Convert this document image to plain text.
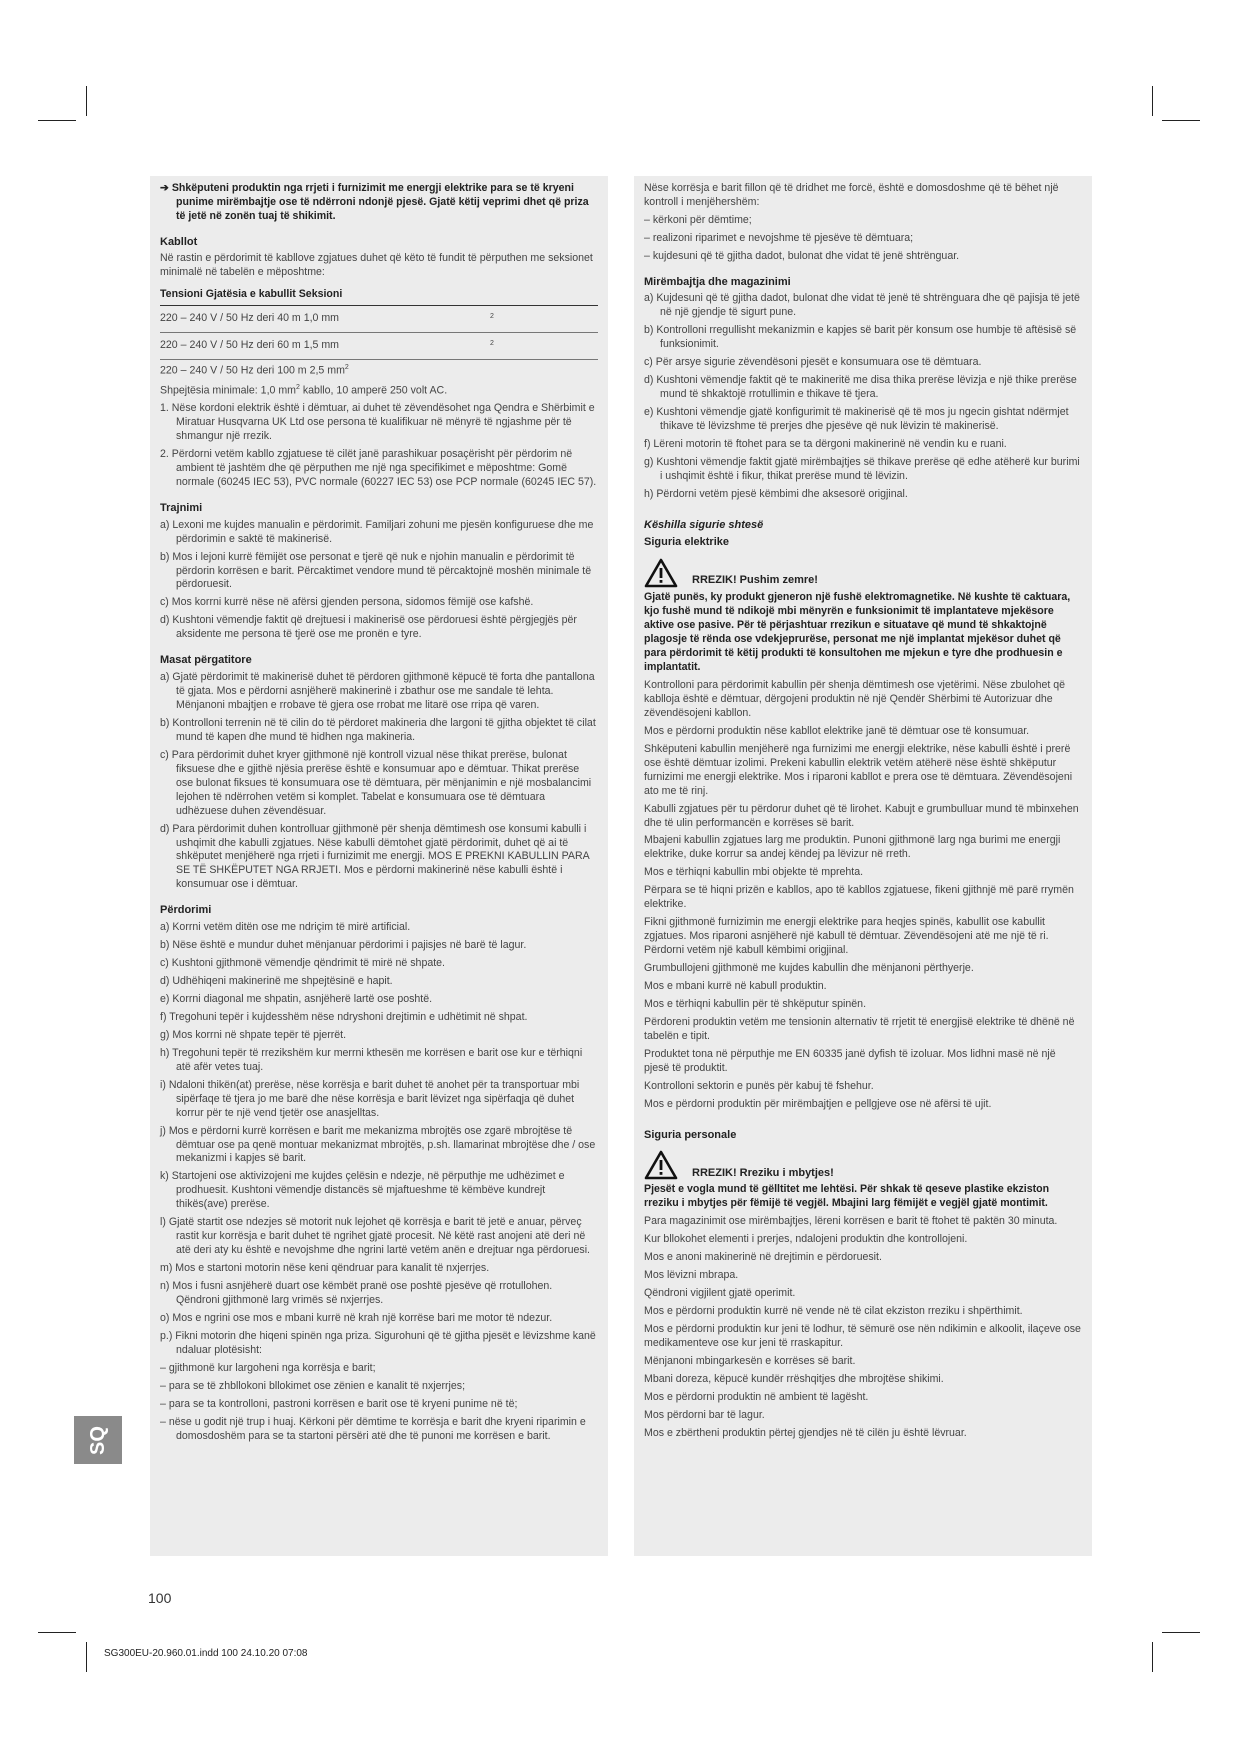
➔ Shkëputeni produktin nga rrjeti i furnizimit me energji elektrike para se të kryeni punime mirëmbajtje ose të ndërroni ndonjë pjesë. Gjatë këtij veprimi dhet që priza të jetë në zonën tuaj të shikimit.
Kabllot
Në rastin e përdorimit të kabllove zgjatues duhet që këto të fundit të përputhen me seksionet minimalë në tabelën e mëposhtme:
Tensioni Gjatësia e kabullit Seksioni
220 – 240 V / 50 Hz deri 40 m 1,0 mm	2
220 – 240 V / 50 Hz deri 60 m 1,5 mm	2
220 – 240 V / 50 Hz deri 100 m 2,5 $mm^2$
Shpejtësia minimale: 1,0 $mm^2$ kabllo, 10 amperë 250 volt AC.
1. Nëse kordoni elektrik është i dëmtuar, ai duhet të zëvendësohet nga Qendra e Shërbimit e Miratuar Husqvarna UK Ltd ose persona të kualifikuar në mënyrë të ngjashme për të shmangur një rrezik.
2. Përdorni vetëm kabllo zgjatuese të cilët janë parashikuar posaçërisht për përdorim në ambient të jashtëm dhe që përputhen me një nga specifikimet e mëposhtme: Gomë normale (60245 IEC 53), PVC normale (60227 IEC 53) ose PCP normale (60245 IEC 57).
Trajnimi
a) Lexoni me kujdes manualin e përdorimit. Familjari zohuni me pjesën konfiguruese dhe me përdorimin e saktë të makinerisë.
b) Mos i lejoni kurrë fëmijët ose personat e tjerë që nuk e njohin manualin e përdorimit të përdorin korrësen e barit. Përcaktimet vendore mund të përcaktojnë moshën minimale të përdoruesit.
c) Mos korrni kurrë nëse në afërsi gjenden persona, sidomos fëmijë ose kafshë.
d) Kushtoni vëmendje faktit që drejtuesi i makinerisë ose përdoruesi është përgjegjës për aksidente me persona të tjerë ose me pronën e tyre.
Masat përgatitore
a) Gjatë përdorimit të makinerisë duhet të përdoren gjithmonë këpucë të forta dhe pantallona të gjata. Mos e përdorni asnjëherë makinerinë i zbathur ose me sandale të lehta. Mënjanoni mbajtjen e rrobave të gjera ose rrobat me litarë ose rripa që varen.
b) Kontrolloni terrenin në të cilin do të përdoret makineria dhe largoni të gjitha objektet të cilat mund të kapen dhe mund të hidhen nga makineria.
c) Para përdorimit duhet kryer gjithmonë një kontroll vizual nëse thikat prerëse, bulonat fiksuese dhe e gjithë njësia prerëse është e konsumuar apo e dëmtuar. Thikat prerëse ose bulonat fiksues të konsumuara ose të dëmtuara, për mënjanimin e një mosbalancimi lejohen të ndërrohen vetëm si komplet. Tabelat e konsumuara ose të dëmtuara udhëzuese duhen zëvendësuar.
d) Para përdorimit duhen kontrolluar gjithmonë për shenja dëmtimesh ose konsumi kabulli i ushqimit dhe kabulli zgjatues. Nëse kabulli dëmtohet gjatë përdorimit, duhet që ai të shkëputet menjëherë nga rrjeti i furnizimit me energji. MOS E PREKNI KABULLIN PARA SE TË SHKËPUTET NGA RRJETI. Mos e përdorni makinerinë nëse kabulli është i konsumuar ose i dëmtuar.
Përdorimi
a) Korrni vetëm ditën ose me ndriçim të mirë artificial.
b) Nëse është e mundur duhet mënjanuar përdorimi i pajisjes në barë të lagur.
c) Kushtoni gjithmonë vëmendje qëndrimit të mirë në shpate.
d) Udhëhiqeni makinerinë me shpejtësinë e hapit.
e) Korrni diagonal me shpatin, asnjëherë lartë ose poshtë.
f) Tregohuni tepër i kujdesshëm nëse ndryshoni drejtimin e udhëtimit në shpat.
g) Mos korrni në shpate tepër të pjerrët.
h) Tregohuni tepër të rrezikshëm kur merrni kthesën me korrësen e barit ose kur e tërhiqni atë afër vetes tuaj.
i) Ndaloni thikën(at) prerëse, nëse korrësja e barit duhet të anohet për ta transportuar mbi sipërfaqe të tjera jo me barë dhe nëse korrësja e barit lëvizet nga sipërfaqja që duhet korrur për te një vend tjetër ose anasjelltas.
j) Mos e përdorni kurrë korrësen e barit me mekanizma mbrojtës ose zgarë mbrojtëse të dëmtuar ose pa qenë montuar mekanizmat mbrojtës, p.sh. llamarinat mbrojtëse dhe / ose mekanizmi i kapjes së barit.
k) Startojeni ose aktivizojeni me kujdes çelësin e ndezje, në përputhje me udhëzimet e prodhuesit. Kushtoni vëmendje distancës së mjaftueshme të këmbëve kundrejt thikës(ave) prerëse.
l) Gjatë startit ose ndezjes së motorit nuk lejohet që korrësja e barit të jetë e anuar, përveç rastit kur korrësja e barit duhet të ngrihet gjatë procesit. Në këtë rast anojeni atë deri në atë deri aty ku është e nevojshme dhe ngrini lartë vetëm anën e drejtuar nga përdoruesi.
m) Mos e startoni motorin nëse keni qëndruar para kanalit të nxjerrjes.
n) Mos i fusni asnjëherë duart ose këmbët pranë ose poshtë pjesëve që rrotullohen. Qëndroni gjithmonë larg vrimës së nxjerrjes.
o) Mos e ngrini ose mos e mbani kurrë në krah një korrëse bari me motor të ndezur.
p.) Fikni motorin dhe hiqeni spinën nga priza. Sigurohuni që të gjitha pjesët e lëvizshme kanë ndaluar plotësisht:
– gjithmonë kur largoheni nga korrësja e barit;
– para se të zhbllokoni bllokimet ose zënien e kanalit të nxjerrjes;
– para se ta kontrolloni, pastroni korrësen e barit ose të kryeni punime në të;
– nëse u godit një trup i huaj. Kërkoni për dëmtime te korrësja e barit dhe kryeni riparimin e domosdoshëm para se ta startoni përsëri atë dhe të punoni me korrësen e barit.
Nëse korrësja e barit fillon që të dridhet me forcë, është e domosdoshme që të bëhet një kontroll i menjëhershëm:
– kërkoni për dëmtime;
– realizoni riparimet e nevojshme të pjesëve të dëmtuara;
– kujdesuni që të gjitha dadot, bulonat dhe vidat të jenë shtrënguar.
Mirëmbajtja dhe magazinimi
a) Kujdesuni që të gjitha dadot, bulonat dhe vidat të jenë të shtrënguara dhe që pajisja të jetë në një gjendje të sigurt pune.
b) Kontrolloni rregullisht mekanizmin e kapjes së barit për konsum ose humbje të aftësisë së funksionimit.
c) Për arsye sigurie zëvendësoni pjesët e konsumuara ose të dëmtuara.
d) Kushtoni vëmendje faktit që te makineritë me disa thika prerëse lëvizja e një thike prerëse mund të shkaktojë rrotullimin e thikave të tjera.
e) Kushtoni vëmendje gjatë konfigurimit të makinerisë që të mos ju ngecin gishtat ndërmjet thikave të lëvizshme të prerjes dhe pjesëve që nuk lëvizin të makinerisë.
f) Lëreni motorin të ftohet para se ta dërgoni makinerinë në vendin ku e ruani.
g) Kushtoni vëmendje faktit gjatë mirëmbajtjes së thikave prerëse që edhe atëherë kur burimi i ushqimit është i fikur, thikat prerëse mund të lëvizin.
h) Përdorni vetëm pjesë këmbimi dhe aksesorë origjinal.
Këshilla sigurie shtesë
Siguria elektrike
RREZIK! Pushim zemre!
Gjatë punës, ky produkt gjeneron një fushë elektromagnetike. Në kushte të caktuara, kjo fushë mund të ndikojë mbi mënyrën e funksionimit të implantateve mjekësore aktive ose pasive. Për të përjashtuar rrezikun e situatave që mund të shkaktojnë plagosje të rënda ose vdekjeprurëse, personat me një implantat mjekësor duhet që para përdorimit të këtij produkti të konsultohen me mjekun e tyre dhe prodhuesin e implantatit.
Kontrolloni para përdorimit kabullin për shenja dëmtimesh ose vjetërimi. Nëse zbulohet që kablloja është e dëmtuar, dërgojeni produktin në një Qendër Shërbimi të Autorizuar dhe zëvendësojeni kabllon.
Mos e përdorni produktin nëse kabllot elektrike janë të dëmtuar ose të konsumuar.
Shkëputeni kabullin menjëherë nga furnizimi me energji elektrike, nëse kabulli është i prerë ose është dëmtuar izolimi. Prekeni kabullin elektrik vetëm atëherë nëse është shkëputur furnizimi me energji elektrike. Mos i riparoni kabllot e prera ose të dëmtuara. Zëvendësojeni ato me të rinj.
Kabulli zgjatues për tu përdorur duhet që të lirohet. Kabujt e grumbulluar mund të mbinxehen dhe të ulin performancën e korrëses së barit.
Mbajeni kabullin zgjatues larg me produktin. Punoni gjithmonë larg nga burimi me energji elektrike, duke korrur sa andej këndej pa lëvizur në rreth.
Mos e tërhiqni kabullin mbi objekte të mprehta.
Përpara se të hiqni prizën e kabllos, apo të kabllos zgjatuese, fikeni gjithnjë më parë rrymën elektrike.
Fikni gjithmonë furnizimin me energji elektrike para heqjes spinës, kabullit ose kabullit zgjatues. Mos riparoni asnjëherë një kabull të dëmtuar. Zëvendësojeni atë me një të ri. Përdorni vetëm një kabull këmbimi origjinal.
Grumbullojeni gjithmonë me kujdes kabullin dhe mënjanoni përthyerje.
Mos e mbani kurrë në kabull produktin.
Mos e tërhiqni kabullin për të shkëputur spinën.
Përdoreni produktin vetëm me tensionin alternativ të rrjetit të energjisë elektrike të dhënë në tabelën e tipit.
Produktet tona në përputhje me EN 60335 janë dyfish të izoluar. Mos lidhni masë në një pjesë të produktit.
Kontrolloni sektorin e punës për kabuj të fshehur.
Mos e përdorni produktin për mirëmbajtjen e pellgjeve ose në afërsi të ujit.
Siguria personale
RREZIK! Rreziku i mbytjes!
Pjesët e vogla mund të gëlltitet me lehtësi. Për shkak të qeseve plastike ekziston rreziku i mbytjes për fëmijë të vegjël. Mbajini larg fëmijët e vegjël gjatë montimit.
Para magazinimit ose mirëmbajtjes, lëreni korrësen e barit të ftohet të paktën 30 minuta.
Kur bllokohet elementi i prerjes, ndalojeni produktin dhe kontrollojeni.
Mos e anoni makinerinë në drejtimin e përdoruesit.
Mos lëvizni mbrapa.
Qëndroni vigjilent gjatë operimit.
Mos e përdorni produktin kurrë në vende në të cilat ekziston rreziku i shpërthimit.
Mos e përdorni produktin kur jeni të lodhur, të sëmurë ose nën ndikimin e alkoolit, ilaçeve ose medikamenteve ose kur jeni të rraskapitur.
Mënjanoni mbingarkesën e korrëses së barit.
Mbani doreza, këpucë kundër rrëshqitjes dhe mbrojtëse shikimi.
Mos e përdorni produktin në ambient të lagësht.
Mos përdorni bar të lagur.
Mos e zbërtheni produktin përtej gjendjes në të cilën ju është lëvruar.
SQ
100
SG300EU-20.960.01.indd 100 24.10.20 07:08
